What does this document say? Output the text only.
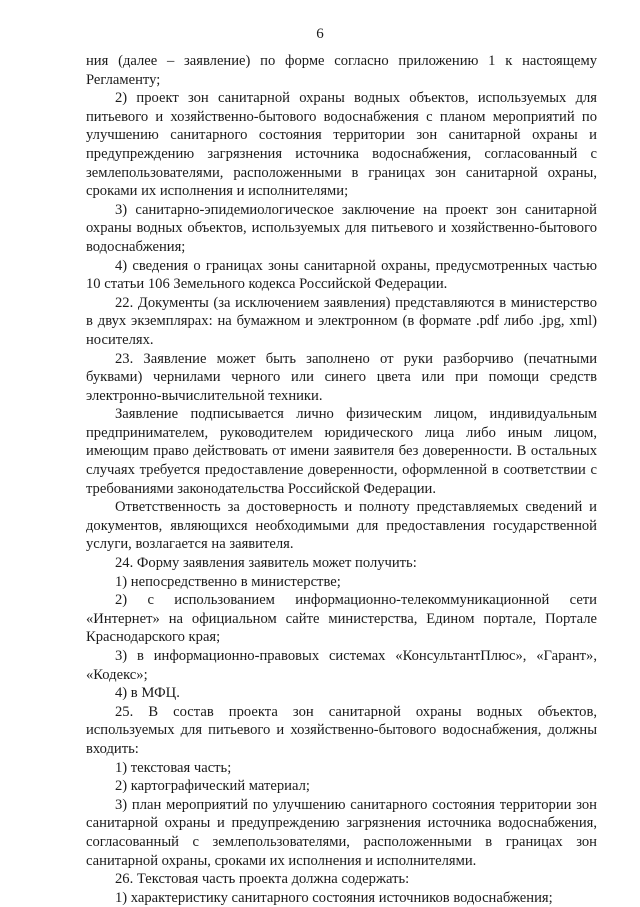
6

ния (далее – заявление) по форме согласно приложению 1 к настоящему Регламенту;

2) проект зон санитарной охраны водных объектов, используемых для питьевого и хозяйственно-бытового водоснабжения с планом мероприятий по улучшению санитарного состояния территории зон санитарной охраны и предупреждению загрязнения источника водоснабжения, согласованный с землепользователями, расположенными в границах зон санитарной охраны, сроками их исполнения и исполнителями;

3) санитарно-эпидемиологическое заключение на проект зон санитарной охраны водных объектов, используемых для питьевого и хозяйственно-бытового водоснабжения;

4) сведения о границах зоны санитарной охраны, предусмотренных частью 10 статьи 106 Земельного кодекса Российской Федерации.

22. Документы (за исключением заявления) представляются в министерство в двух экземплярах: на бумажном и электронном (в формате .pdf либо .jpg, xml) носителях.

23. Заявление может быть заполнено от руки разборчиво (печатными буквами) чернилами черного или синего цвета или при помощи средств электронно-вычислительной техники.

Заявление подписывается лично физическим лицом, индивидуальным предпринимателем, руководителем юридического лица либо иным лицом, имеющим право действовать от имени заявителя без доверенности. В остальных случаях требуется предоставление доверенности, оформленной в соответствии с требованиями законодательства Российской Федерации.

Ответственность за достоверность и полноту представляемых сведений и документов, являющихся необходимыми для предоставления государственной услуги, возлагается на заявителя.

24. Форму заявления заявитель может получить:

1) непосредственно в министерстве;

2) с использованием информационно-телекоммуникационной сети «Интернет» на официальном сайте министерства, Едином портале, Портале Краснодарского края;

3) в информационно-правовых системах «КонсультантПлюс», «Гарант», «Кодекс»;

4) в МФЦ.

25. В состав проекта зон санитарной охраны водных объектов, используемых для питьевого и хозяйственно-бытового водоснабжения, должны входить:

1) текстовая часть;

2) картографический материал;

3) план мероприятий по улучшению санитарного состояния территории зон санитарной охраны и предупреждению загрязнения источника водоснабжения, согласованный с землепользователями, расположенными в границах зон санитарной охраны, сроками их исполнения и исполнителями.

26. Текстовая часть проекта должна содержать:

1) характеристику санитарного состояния источников водоснабжения;
